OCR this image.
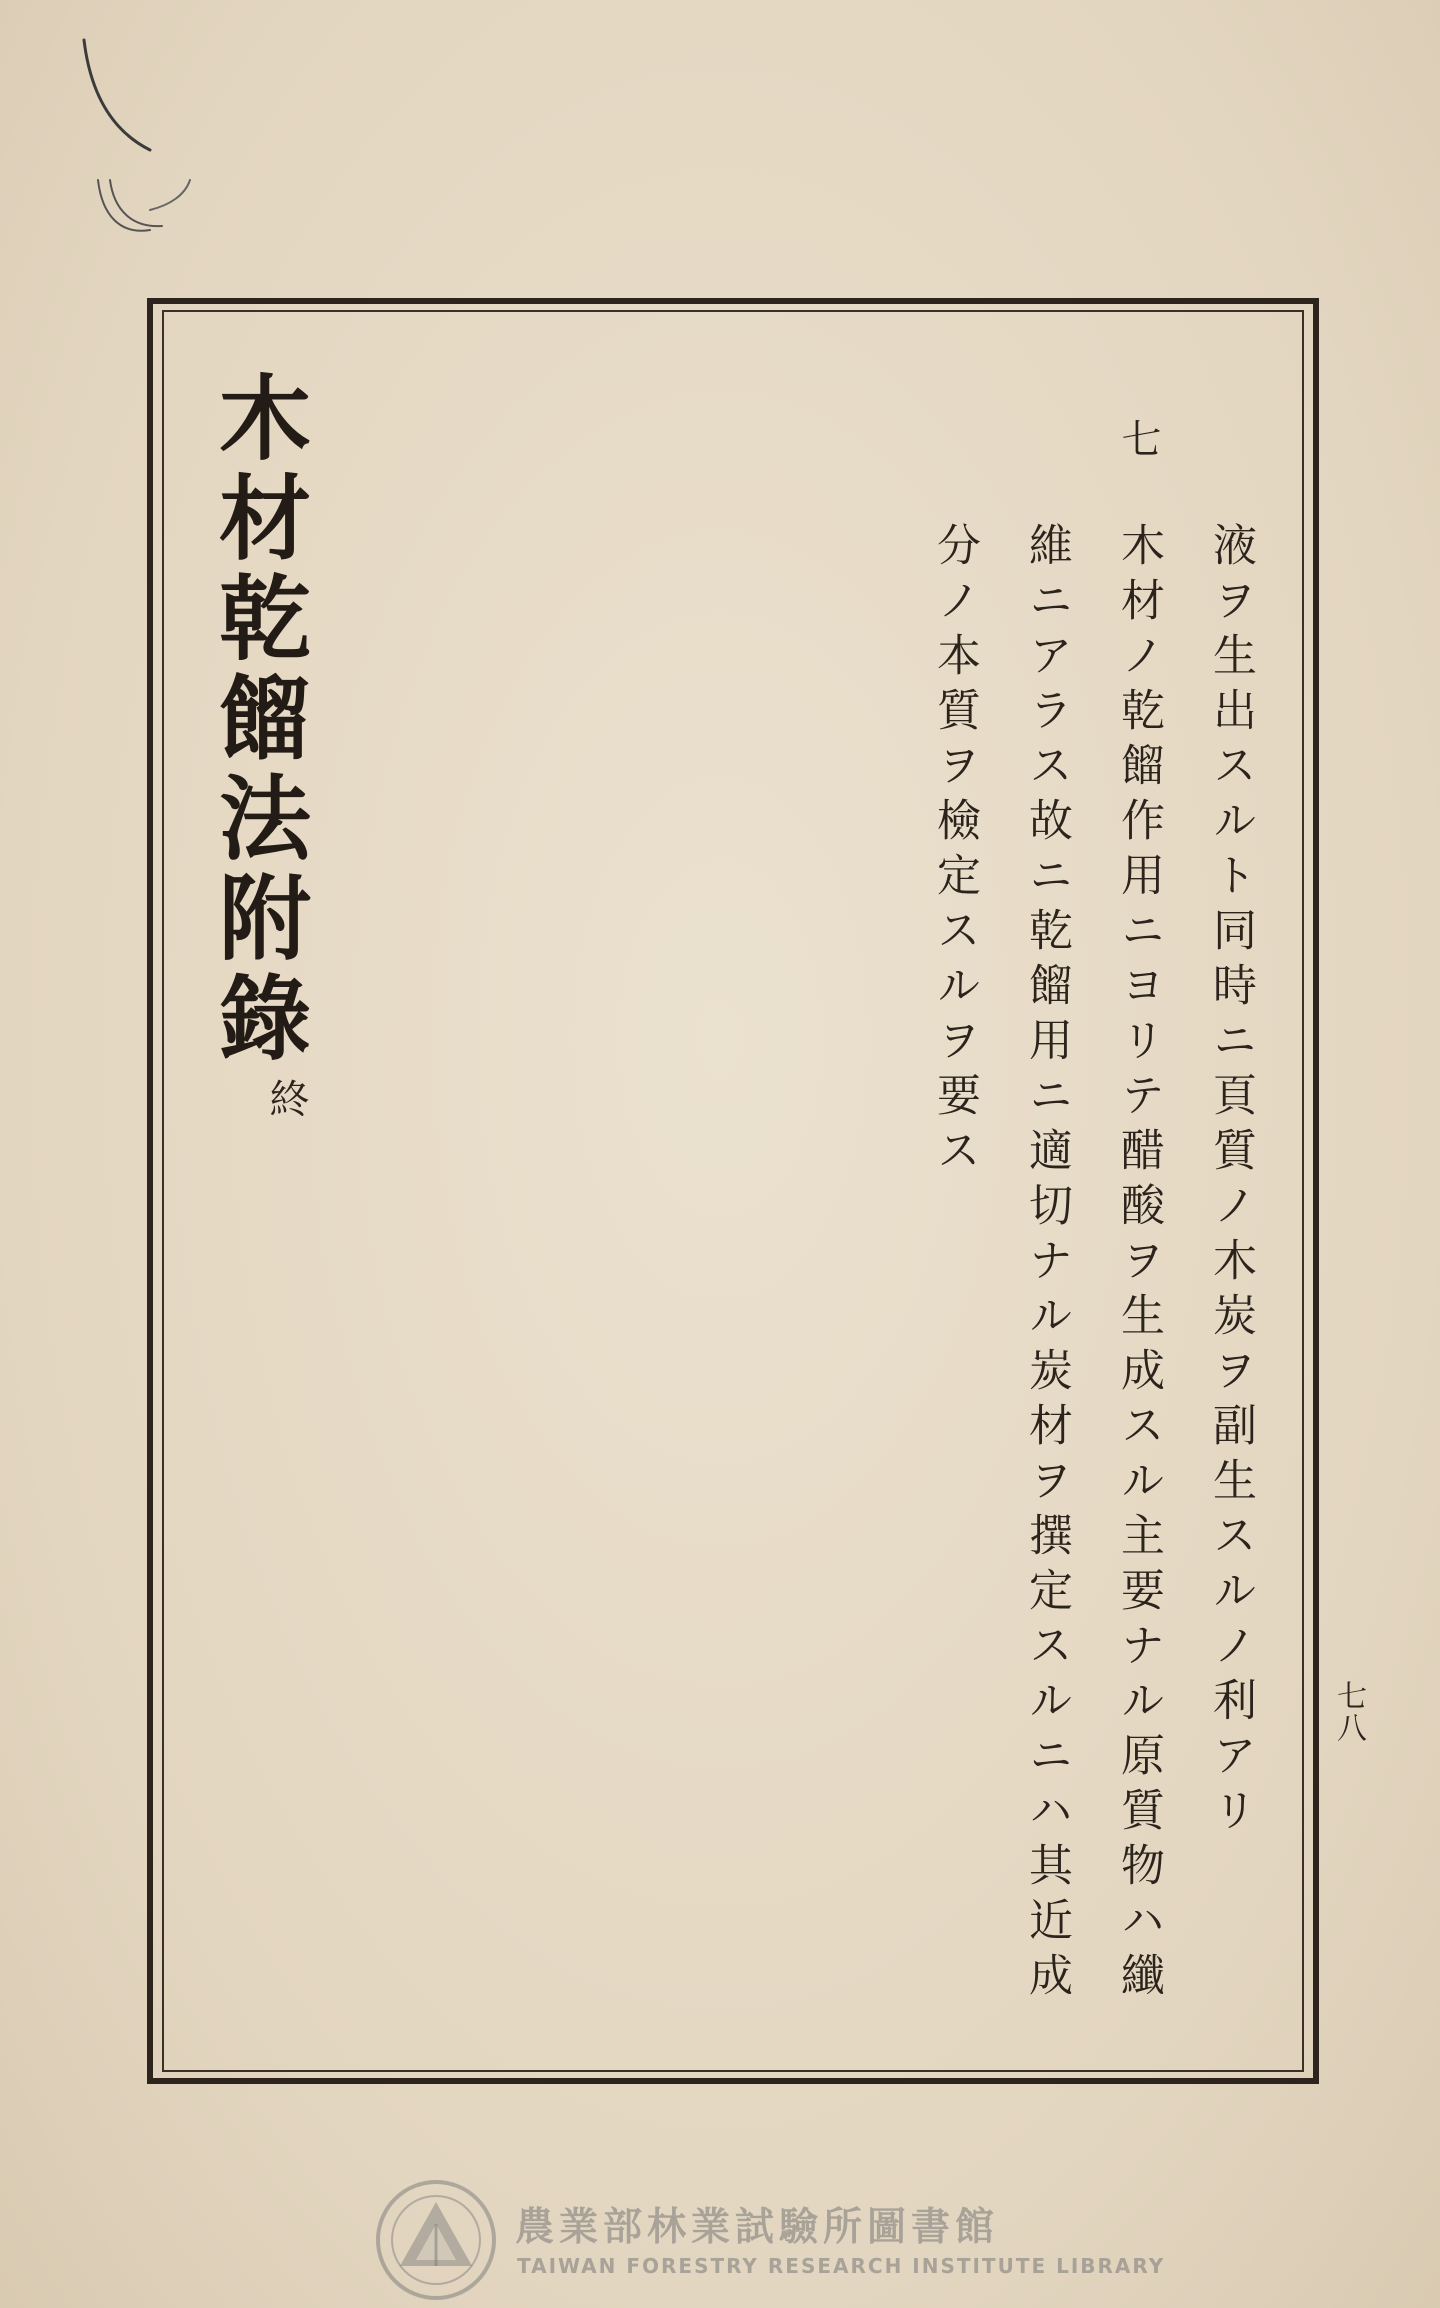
七
液ヲ生出スルト同時ニ頁質ノ木炭ヲ副生スルノ利アリ
木材ノ乾餾作用ニヨリテ醋酸ヲ生成スル主要ナル原質物ハ纖
維ニアラス故ニ乾餾用ニ適切ナル炭材ヲ撰定スルニハ其近成
分ノ本質ヲ檢定スルヲ要ス
木材乾餾法附錄
終
七八
農業部林業試驗所圖書館
TAIWAN FORESTRY RESEARCH INSTITUTE LIBRARY
